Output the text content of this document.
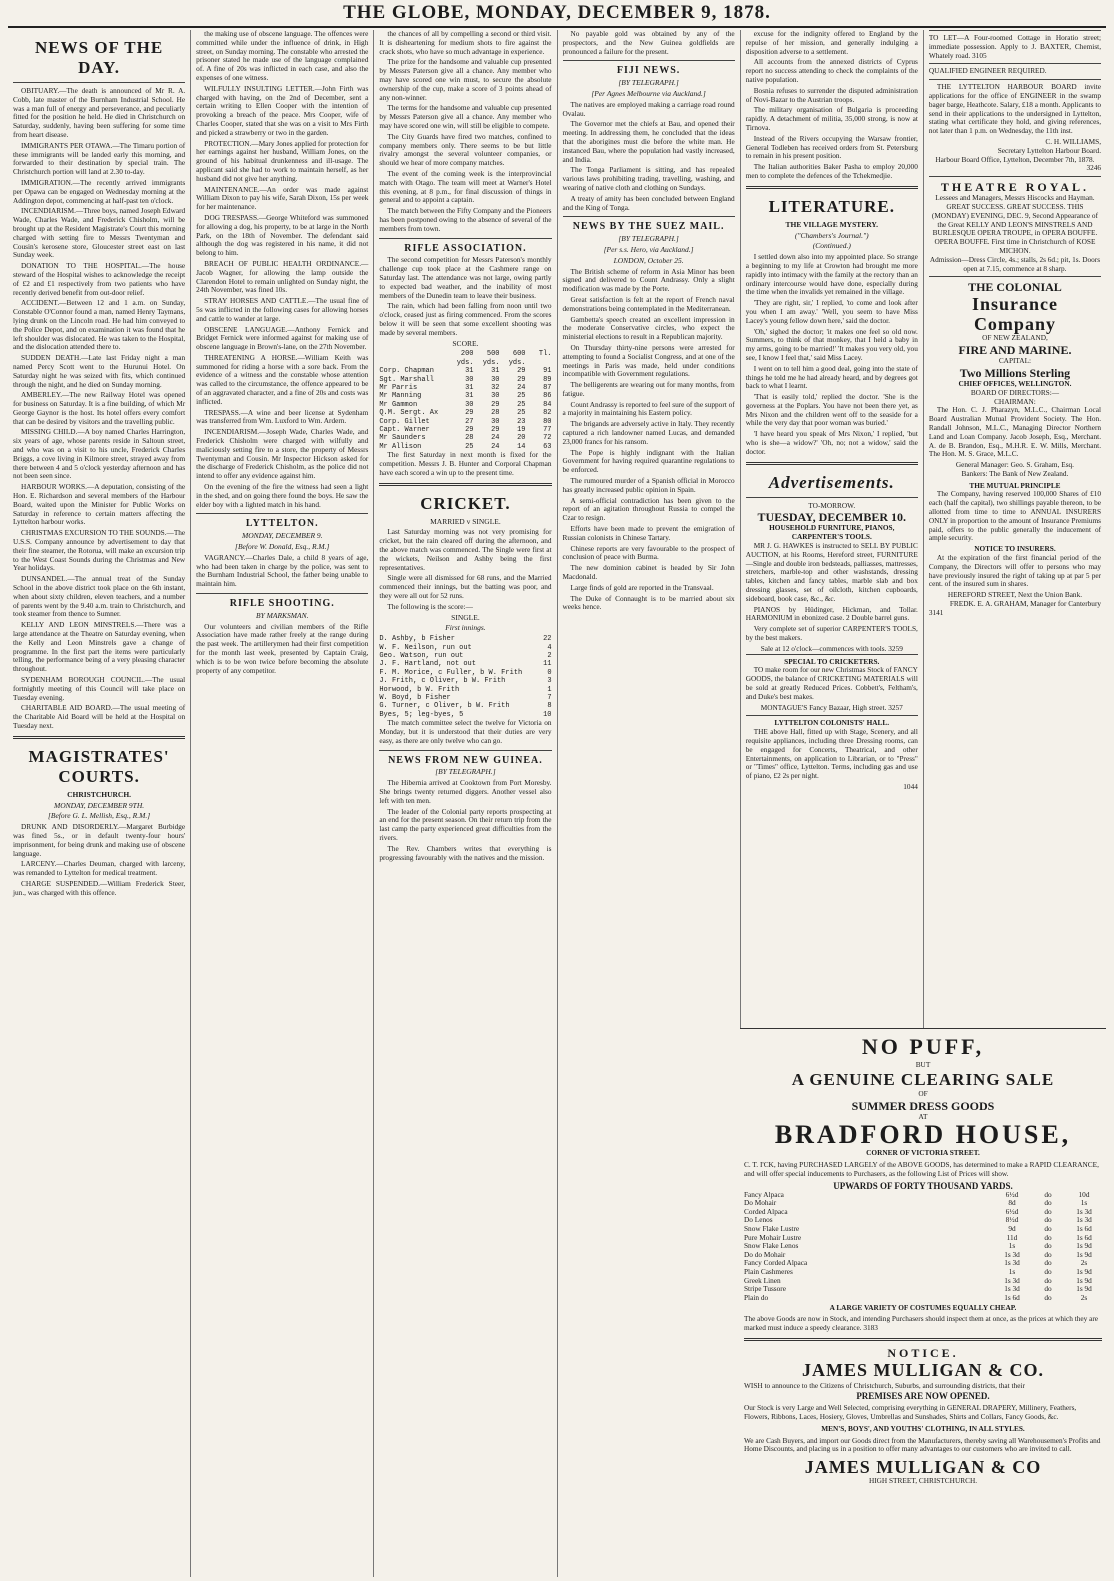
THE GLOBE, MONDAY, DECEMBER 9, 1878.
NEWS OF THE DAY.

OBITUARY.—The death is announced of Mr R. A. Cobb, late master of the Burnham Industrial School. He was a man full of energy and perseverance, and peculiarly fitted for the position he held. He died in Christchurch on Saturday, suddenly, having been suffering for some time from heart disease.

IMMIGRANTS PER OTAWA.—The Timaru portion of these immigrants will be landed early this morning, and forwarded to their destination by special train. The Christchurch portion will land at 2.30 to-day.

IMMIGRATION.—The recently arrived immigrants per Opawa can be engaged on Wednesday morning at the Addington depot, commencing at half-past ten o'clock.

INCENDIARISM.—Three boys, named Joseph Edward Wade, Charles Wade, and Frederick Chisholm, will be brought up at the Resident Magistrate's Court this morning charged with setting fire to Messrs Twentyman and Cousin's kerosene store, Gloucester street east on last Sunday week.

DONATION TO THE HOSPITAL.—The house steward of the Hospital wishes to acknowledge the receipt of £2 and £1 respectively from two patients who have recently derived benefit from out-door relief.

ACCIDENT.—Between 12 and 1 a.m. on Sunday, Constable O'Connor found a man, named Henry Taymans, lying drunk on the Lincoln road. He had him conveyed to the Police Depot, and on examination it was found that he left shoulder was dislocated. He was taken to the Hospital, and the dislocation attended there to.

SUDDEN DEATH.—Late last Friday night a man named Percy Scott went to the Hurunui Hotel. On Saturday night he was seized with fits, which continued through the night, and he died on Sunday morning.

AMBERLEY.—The new Railway Hotel was opened for business on Saturday. It is a fine building, of which Mr George Gaynor is the host. Its hotel offers every comfort that can be desired by visitors and the travelling public.

MISSING CHILD.—A boy named Charles Harrington, six years of age, whose parents reside in Saltoun street, and who was on a visit to his uncle, Frederick Charles Briggs, a cove living in Kilmore street, strayed away from there between 4 and 5 o'clock yesterday afternoon and has not been seen since.

HARBOUR WORKS.—A deputation, consisting of the Hon. E. Richardson and several members of the Harbour Board, waited upon the Minister for Public Works on Saturday in reference to certain matters affecting the Lyttelton harbour works.

CHRISTMAS EXCURSION TO THE SOUNDS.—The U.S.S. Company announce by advertisement to day that their fine steamer, the Rotorua, will make an excursion trip to the West Coast Sounds during the Christmas and New Year holidays.

DUNSANDEL.—The annual treat of the Sunday School in the above district took place on the 6th instant, when about sixty children, eleven teachers, and a number of parents went by the 9.40 a.m. train to Christchurch, and took steamer from thence to Sumner.

KELLY AND LEON MINSTRELS.—There was a large attendance at the Theatre on Saturday evening, when the Kelly and Leon Minstrels gave a change of programme. In the first part the items were particularly telling, the performance being of a very pleasing character throughout.

SYDENHAM BOROUGH COUNCIL.—The usual fortnightly meeting of this Council will take place on Tuesday evening.

CHARITABLE AID BOARD.—The usual meeting of the Charitable Aid Board will be held at the Hospital on Tuesday next.

MAGISTRATES' COURTS.
CHRISTCHURCH.
MONDAY, DECEMBER 9TH.
[Before G. L. Mellish, Esq., R.M.]

DRUNK AND DISORDERLY.—Margaret Burbidge was fined 5s., or in default twenty-four hours' imprisonment, for being drunk and making use of obscene language.

LARCENY.—Charles Deuman, charged with larceny, was remanded to Lyttelton for medical treatment.

CHARGE SUSPENDED.—William Frederick Steer, jun., was charged with this offence.

the making use of obscene language. The offences were committed while under the influence of drink, in High street, on Sunday morning. The constable who arrested the prisoner stated he made use of the language complained of. A fine of 20s was inflicted in each case, and also the expenses of one witness.

WILFULLY INSULTING LETTER.—John Firth was charged with having, on the 2nd of December, sent a certain writing to Ellen Cooper with the intention of provoking a breach of the peace. Mrs Cooper, wife of Charles Cooper, stated that she was on a visit to Mrs Firth and picked a strawberry or two in the garden.

PROTECTION.—Mary Jones applied for protection for her earnings against her husband, William Jones, on the ground of his habitual drunkenness and ill-usage. The applicant said she had to work to maintain herself, as her husband did not give her anything.

MAINTENANCE.—An order was made against William Dixon to pay his wife, Sarah Dixon, 15s per week for her maintenance.

DOG TRESPASS.—George Whiteford was summoned for allowing a dog, his property, to be at large in the North Park, on the 18th of November. The defendant said although the dog was registered in his name, it did not belong to him.

BREACH OF PUBLIC HEALTH ORDINANCE.—Jacob Wagner, for allowing the lamp outside the Clarendon Hotel to remain unlighted on Sunday night, the 24th November, was fined 10s.

STRAY HORSES AND CATTLE.—The usual fine of 5s was inflicted in the following cases for allowing horses and cattle to wander at large.

OBSCENE LANGUAGE.—Anthony Fernick and Bridget Fernick were informed against for making use of obscene language in Brown's-lane, on the 27th November.

THREATENING A HORSE.—William Keith was summoned for riding a horse with a sore back. From the evidence of a witness and the constable whose attention was called to the circumstance, the offence appeared to be of an aggravated character, and a fine of 20s and costs was inflicted.

TRESPASS.—A wine and beer license at Sydenham was transferred from Wm. Luxford to Wm. Ardern.

INCENDIARISM.—Joseph Wade, Charles Wade, and Frederick Chisholm were charged with wilfully and maliciously setting fire to a store, the property of Messrs Twentyman and Cousin. Mr Inspector Hickson asked for the discharge of Frederick Chisholm, as the police did not intend to offer any evidence against him.

On the evening of the fire the witness had seen a light in the shed, and on going there found the boys. He saw the elder boy with a lighted match in his hand.

LYTTELTON.
MONDAY, DECEMBER 9.
[Before W. Donald, Esq., R.M.]

VAGRANCY.—Charles Dale, a child 8 years of age, who had been taken in charge by the police, was sent to the Burnham Industrial School, the father being unable to maintain him.

RIFLE SHOOTING.
BY MARKSMAN.

Our volunteers and civilian members of the Rifle Association have made rather freely at the range during the past week. The artillerymen had their first competition for the month last week, presented by Captain Craig, which is to be won twice before becoming the absolute property of any competitor.

the chances of all by compelling a second or third visit. It is disheartening for medium shots to fire against the crack shots, who have so much advantage in experience.

The prize for the handsome and valuable cup presented by Messrs Paterson give all a chance. Any member who may have scored one win must, to secure the absolute ownership of the cup, make a score of 3 points ahead of any non-winner.

The terms for the handsome and valuable cup presented by Messrs Paterson give all a chance. Any member who may have scored one win, will still be eligible to compete.

The City Guards have fired two matches, confined to company members only. There seems to be but little rivalry amongst the several volunteer companies, or should we hear of more company matches.

The event of the coming week is the interprovincial match with Otago. The team will meet at Warner's Hotel this evening, at 8 p.m., for final discussion of things in general and to appoint a captain.

The match between the Fifty Company and the Pioneers has been postponed owing to the absence of several of the members from town.

RIFLE ASSOCIATION.

The second competition for Messrs Paterson's monthly challenge cup took place at the Cashmere range on Saturday last. The attendance was not large, owing partly to expected bad weather, and the inability of most members of the Dunedin team to leave their business.

The rain, which had been falling from noon until two o'clock, ceased just as firing commenced. From the scores below it will be seen that some excellent shooting was made by several members.

SCORE.
200 yds.
500 yds.
600 yds.
Tl.
Corp. Chapman	31	31	29	91
Sgt. Marshall	30	30	29	89
Mr Parris	31	32	24	87
Mr Manning	31	30	25	86
Mr Gammon	30	29	25	84
Q.M. Sergt. Ax	29	28	25	82
Corp. Gillet	27	30	23	80
Capt. Warner	29	29	19	77
Mr Saunders	28	24	20	72
Mr Allison	25	24	14	63

The first Saturday in next month is fixed for the competition. Messrs J. B. Hunter and Corporal Chapman have each scored a win up to the present time.

CRICKET.
MARRIED v SINGLE.

Last Saturday morning was not very promising for cricket, but the rain cleared off during the afternoon, and the above match was commenced. The Single were first at the wickets, Neilson and Ashby being the first representatives.

Single were all dismissed for 68 runs, and the Married commenced their innings, but the batting was poor, and they were all out for 52 runs.

The following is the score:—

SINGLE.
First innings.
D. Ashby, b Fisher	22
W. F. Neilson, run out	4
Geo. Watson, run out	2
J. F. Hartland, not out	11
F. M. Morice, c Fuller, b W. Frith	0
J. Frith, c Oliver, b W. Frith	3
Horwood, b W. Frith	1
W. Boyd, b Fisher	7
G. Turner, c Oliver, b W. Frith	8
Byes, 5; leg-byes, 5	10

The match committee select the twelve for Victoria on Monday, but it is understood that their duties are very easy, as there are only twelve who can go.

NEWS FROM NEW GUINEA.
[BY TELEGRAPH.]

The Hibernia arrived at Cooktown from Port Moresby. She brings twenty returned diggers. Another vessel also left with ten men.

The leader of the Colonial party reports prospecting at an end for the present season. On their return trip from the last camp the party experienced great difficulties from the rivers.

The Rev. Chambers writes that everything is progressing favourably with the natives and the mission.

No payable gold was obtained by any of the prospectors, and the New Guinea goldfields are pronounced a failure for the present.

FIJI NEWS.
[BY TELEGRAPH.]
[Per Agnes Melbourne via Auckland.]

The natives are employed making a carriage road round Ovalau.

The Governor met the chiefs at Bau, and opened their meeting. In addressing them, he concluded that the ideas that the aborigines must die before the white man. He instanced Bau, where the population had vastly increased, and India.

The Tonga Parliament is sitting, and has repealed various laws prohibiting trading, travelling, washing, and wearing of native cloth and clothing on Sundays.

A treaty of amity has been concluded between England and the King of Tonga.

NEWS BY THE SUEZ MAIL.
[BY TELEGRAPH.]
[Per s.s. Hero, via Auckland.]
LONDON, October 25.

The British scheme of reform in Asia Minor has been signed and delivered to Count Andrassy. Only a slight modification was made by the Porte.

Great satisfaction is felt at the report of French naval demonstrations being contemplated in the Mediterranean.

Gambetta's speech created an excellent impression in the moderate Conservative circles, who expect the ministerial elections to result in a Republican majority.

On Thursday thirty-nine persons were arrested for attempting to found a Socialist Congress, and at one of the meetings in Paris was made, held under conditions incompatible with Government regulations.

The belligerents are wearing out for many months, from fatigue.

Count Andrassy is reported to feel sure of the support of a majority in maintaining his Eastern policy.

The brigands are adversely active in Italy. They recently captured a rich landowner named Lucas, and demanded 23,000 francs for his ransom.

The Pope is highly indignant with the Italian Government for having required quarantine regulations to be enforced.

The rumoured murder of a Spanish official in Morocco has greatly increased public opinion in Spain.

A semi-official contradiction has been given to the report of an agitation throughout Russia to compel the Czar to resign.

Efforts have been made to prevent the emigration of Russian colonists in Chinese Tartary.

Chinese reports are very favourable to the prospect of conclusion of peace with Burma.

The new dominion cabinet is headed by Sir John Macdonald.

Large finds of gold are reported in the Transvaal.

The Duke of Connaught is to be married about six weeks hence.

excuse for the indignity offered to England by the repulse of her mission, and generally indulging a disposition adverse to a settlement.

All accounts from the annexed districts of Cyprus report no success attending to check the complaints of the native population.

Bosnia refuses to surrender the disputed administration of Novi-Bazar to the Austrian troops.

The military organisation of Bulgaria is proceeding rapidly. A detachment of militia, 35,000 strong, is now at Tirnova.

Instead of the Rivers occupying the Warsaw frontier, General Todleben has received orders from St. Petersburg to remain in his present position.

The Italian authorities Baker Pasha to employ 20,000 men to complete the defences of the Tchekmedjie.

LITERATURE.
THE VILLAGE MYSTERY.
("Chambers's Journal.")
(Continued.)

I settled down also into my appointed place. So strange a beginning to my life at Crowton had brought me more rapidly into intimacy with the family at the rectory than an ordinary intercourse would have done, especially during the time when the invalids yet remained in the village.

'They are right, sir,' I replied, 'to come and look after you when I am away.' 'Well, you seem to have Miss Lacey's young fellow down here,' said the doctor.

'Oh,' sighed the doctor; 'it makes one feel so old now. Summers, to think of that monkey, that I held a baby in my arms, going to be married!' 'It makes you very old, you see, I know I feel that,' said Miss Lacey.

I went on to tell him a good deal, going into the state of things he told me he had already heard, and by degrees got back to what I learnt.

'That is easily told,' replied the doctor. 'She is the governess at the Poplars. You have not been there yet, as Mrs Nixon and the children went off to the seaside for a while the very day that poor woman was buried.'

'I have heard you speak of Mrs Nixon,' I replied, 'but who is she—a widow?' 'Oh, no; not a widow,' said the doctor.

Advertisements.
TO-MORROW.
TUESDAY, DECEMBER 10.
HOUSEHOLD FURNITURE, PIANOS, CARPENTER'S TOOLS.

MR J. G. HAWKES is instructed to SELL BY PUBLIC AUCTION, at his Rooms, Hereford street, FURNITURE—Single and double iron bedsteads, palliasses, mattresses, stretchers, marble-top and other washstands, dressing tables, kitchen and fancy tables, marble slab and box dressing glasses, set of oilcloth, kitchen cupboards, sideboard, book case, &c., &c.

PIANOS by Hüdinger, Hickman, and Tollar. HARMONIUM in ebonized case. 2 Double barrel guns.

Very complete set of superior CARPENTER'S TOOLS, by the best makers.

Sale at 12 o'clock—commences with tools. 3259
SPECIAL TO CRICKETERS.

TO make room for our new Christmas Stock of FANCY GOODS, the balance of CRICKETING MATERIALS will be sold at greatly Reduced Prices. Cobbett's, Feltham's, and Duke's best makes.

MONTAGUE'S Fancy Bazaar, High street. 3257
LYTTELTON COLONISTS' HALL.

THE above Hall, fitted up with Stage, Scenery, and all requisite appliances, including three Dressing rooms, can be engaged for Concerts, Theatrical, and other Entertainments, on application to Librarian, or to "Press" or "Times" office, Lyttelton. Terms, including gas and use of piano, £2 2s per night.

1044
TO LET—A Four-roomed Cottage in Horatio street; immediate possession. Apply to J. BAXTER, Chemist, Whately road. 3105
QUALIFIED ENGINEER REQUIRED.

THE LYTTELTON HARBOUR BOARD invite applications for the office of ENGINEER in the swamp bager barge, Heathcote. Salary, £18 a month. Applicants to send in their applications to the undersigned in Lyttelton, stating what certificate they hold, and giving references, not later than 1 p.m. on Wednesday, the 11th inst.

C. H. WILLIAMS,
Secretary Lyttelton Harbour Board.
Harbour Board Office, Lyttelton, December 7th, 1878.
3246
THEATRE ROYAL.
Lessees and Managers, Messrs Hiscocks and Hayman.
GREAT SUCCESS. GREAT SUCCESS. THIS (MONDAY) EVENING, DEC. 9, Second Appearance of the Great KELLY AND LEON'S MINSTRELS AND BURLESQUE OPERA TROUPE, in OPERA BOUFFE. OPERA BOUFFE. First time in Christchurch of KOSE MICHON.
Admission—Dress Circle, 4s.; stalls, 2s 6d.; pit, 1s. Doors open at 7.15, commence at 8 sharp.
THE COLONIAL
Insurance Company
OF NEW ZEALAND,
FIRE AND MARINE.
CAPITAL:
Two Millions Sterling
CHIEF OFFICES, WELLINGTON.
BOARD OF DIRECTORS:—
CHAIRMAN:

The Hon. C. J. Pharazyn, M.L.C., Chairman Local Board Australian Mutual Provident Society. The Hon. Randall Johnson, M.L.C., Managing Director Northern Land and Loan Company. Jacob Joseph, Esq., Merchant. A. de B. Brandon, Esq., M.H.R. E. W. Mills, Merchant. The Hon. M. S. Grace, M.L.C.

General Manager: Geo. S. Graham, Esq.
Bankers: The Bank of New Zealand.
THE MUTUAL PRINCIPLE

The Company, having reserved 100,000 Shares of £10 each (half the capital), two shillings payable thereon, to be allotted from time to time to ANNUAL INSURERS ONLY in proportion to the amount of Insurance Premiums paid, offers to the public generally the inducement of ample security.

NOTICE TO INSURERS.

At the expiration of the first financial period of the Company, the Directors will offer to persons who may have previously insured the right of taking up at par 5 per cent. of the insured sum in shares.

HEREFORD STREET, Next the Union Bank.
FREDK. E. A. GRAHAM, Manager for Canterbury
3141
NO PUFF,
BUT
A GENUINE CLEARING SALE
OF
SUMMER DRESS GOODS
AT
BRADFORD HOUSE,
CORNER OF VICTORIA STREET.

C. T. I'CK, having PURCHASED LARGELY of the ABOVE GOODS, has determined to make a RAPID CLEARANCE, and will offer special inducements to Purchasers, as the following List of Prices will show.

UPWARDS OF FORTY THOUSAND YARDS.
Fancy Alpaca	6½d	do	10d
Do Mohair	8d	do	1s
Corded Alpaca	6½d	do	1s 3d
Do Lenos	8½d	do	1s 3d
Snow Flake Lustre	9d	do	1s 6d
Pure Mohair Lustre	11d	do	1s 6d
Snow Flake Lenos	1s	do	1s 9d
Do do Mohair	1s 3d	do	1s 9d
Fancy Corded Alpaca	1s 3d	do	2s
Plain Cashmeres	1s	do	1s 9d
Greek Linen	1s 3d	do	1s 9d
Stripe Tussore	1s 3d	do	1s 9d
Plain do	1s 6d	do	2s
A LARGE VARIETY OF COSTUMES EQUALLY CHEAP.

The above Goods are now in Stock, and intending Purchasers should inspect them at once, as the prices at which they are marked must induce a speedy clearance. 3183

NOTICE.
JAMES MULLIGAN & CO.

WISH to announce to the Citizens of Christchurch, Suburbs, and surrounding districts, that their

PREMISES ARE NOW OPENED.

Our Stock is very Large and Well Selected, comprising everything in GENERAL DRAPERY, Millinery, Feathers, Flowers, Ribbons, Laces, Hosiery, Gloves, Umbrellas and Sunshades, Shirts and Collars, Fancy Goods, &c.

MEN'S, BOYS', AND YOUTHS' CLOTHING, IN ALL STYLES.

We are Cash Buyers, and import our Goods direct from the Manufacturers, thereby saving all Warehousemen's Profits and Home Discounts, and placing us in a position to offer many advantages to our customers who are invited to call.

JAMES MULLIGAN & CO
HIGH STREET, CHRISTCHURCH.
